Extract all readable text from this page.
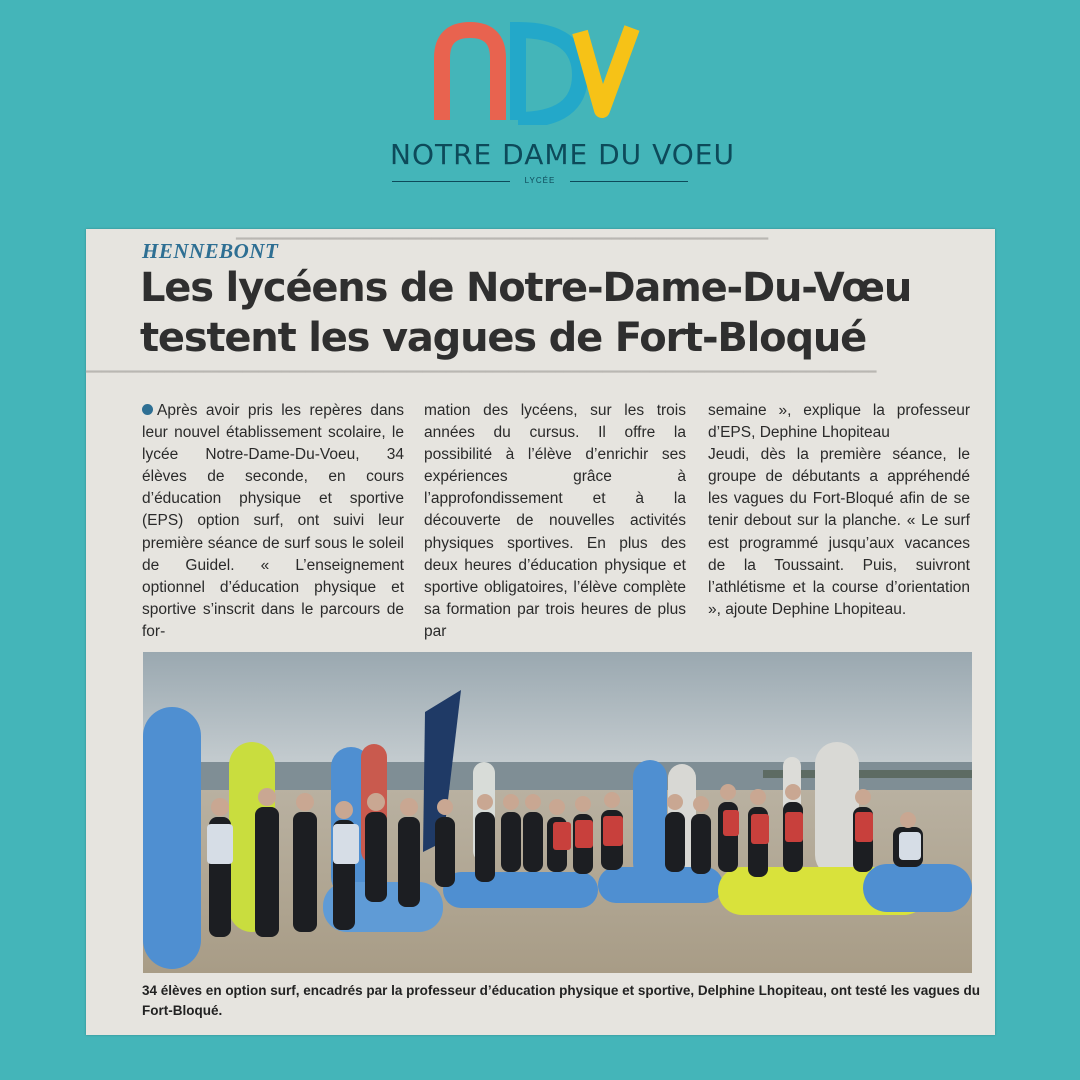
NOTRE DAME DU VOEU
LYCÉE
━━━━━━━━━━━━━━━━━━━━━━━━━━━━━━━━━━━━━━━━━━━━━━━━━━━━━━━━━━━━━━━━━━━━
━━━━━━━━━━━━━━━━━━━━━━━━━━━━━━━━━━━━━━━━━━━━━━━━━━━━━━━━━━━━━━━━━━━━━━━━━━━━━━━━━━━━━━━━━━━━━━━━━━━━━
HENNEBONT
Les lycéens de Notre-Dame-Du-Vœu
testent les vagues de Fort-Bloqué
Après avoir pris les repères dans leur nouvel établissement scolaire, le lycée Notre-Dame-Du-Voeu, 34 élèves de seconde, en cours d’éducation physique et sportive (EPS) option surf, ont suivi leur première séance de surf sous le soleil de Guidel. « L’enseignement optionnel d’éducation physique et sportive s’inscrit dans le parcours de for-
mation des lycéens, sur les trois années du cursus. Il offre la possibilité à l’élève d’enrichir ses expériences grâce à l’approfondissement et à la découverte de nouvelles activités physiques sportives. En plus des deux heures d’éducation physique et sportive obligatoires, l’élève complète sa formation par trois heures de plus par
semaine », explique la professeur d’EPS, Dephine Lhopiteau
Jeudi, dès la première séance, le groupe de débutants a appréhendé les vagues du Fort-Bloqué afin de se tenir debout sur la planche. « Le surf est programmé jusqu’aux vacances de la Toussaint. Puis, suivront l’athlétisme et la course d’orientation », ajoute Dephine Lhopiteau.
34 élèves en option surf, encadrés par la professeur d’éducation physique et sportive, Delphine Lhopiteau, ont testé les vagues du Fort-Bloqué.
